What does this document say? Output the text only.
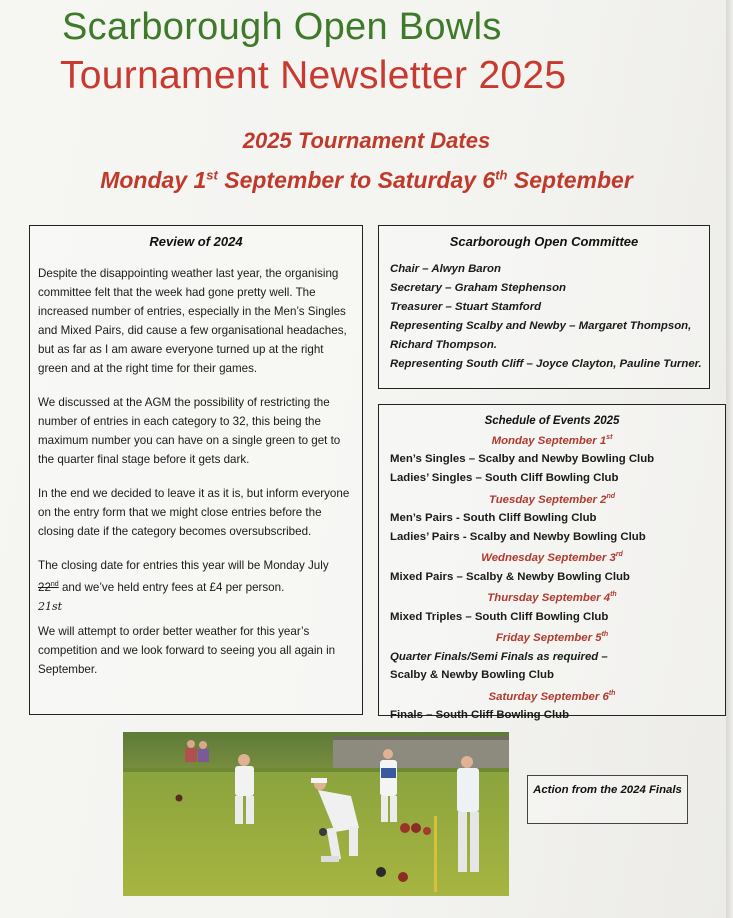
Scarborough Open Bowls
Tournament Newsletter 2025
2025 Tournament Dates
Monday 1st September to Saturday 6th September
Review of 2024

Despite the disappointing weather last year, the organising committee felt that the week had gone pretty well. The increased number of entries, especially in the Men’s Singles and Mixed Pairs, did cause a few organisational headaches, but as far as I am aware everyone turned up at the right green and at the right time for their games.

We discussed at the AGM the possibility of restricting the number of entries in each category to 32, this being the maximum number you can have on a single green to get to the quarter final stage before it gets dark.

In the end we decided to leave it as it is, but inform everyone on the entry form that we might close entries before the closing date if the category becomes oversubscribed.

The closing date for entries this year will be Monday July
22nd and we’ve held entry fees at £4 per person.
21st

We will attempt to order better weather for this year’s competition and we look forward to seeing you all again in September.

Scarborough Open Committee
Chair – Alwyn Baron
Secretary – Graham Stephenson
Treasurer – Stuart Stamford
Representing Scalby and Newby – Margaret Thompson,
Richard Thompson.
Representing South Cliff – Joyce Clayton, Pauline Turner.
Schedule of Events 2025
Monday September 1st
Men’s Singles – Scalby and Newby Bowling Club
Ladies’ Singles – South Cliff Bowling Club
Tuesday September 2nd
Men’s Pairs - South Cliff Bowling Club
Ladies’ Pairs - Scalby and Newby Bowling Club
Wednesday September 3rd
Mixed Pairs – Scalby & Newby Bowling Club
Thursday September 4th
Mixed Triples – South Cliff Bowling Club
Friday September 5th
Quarter Finals/Semi Finals as required –
Scalby & Newby Bowling Club
Saturday September 6th
Finals – South Cliff Bowling Club
Action from the 2024 Finals
